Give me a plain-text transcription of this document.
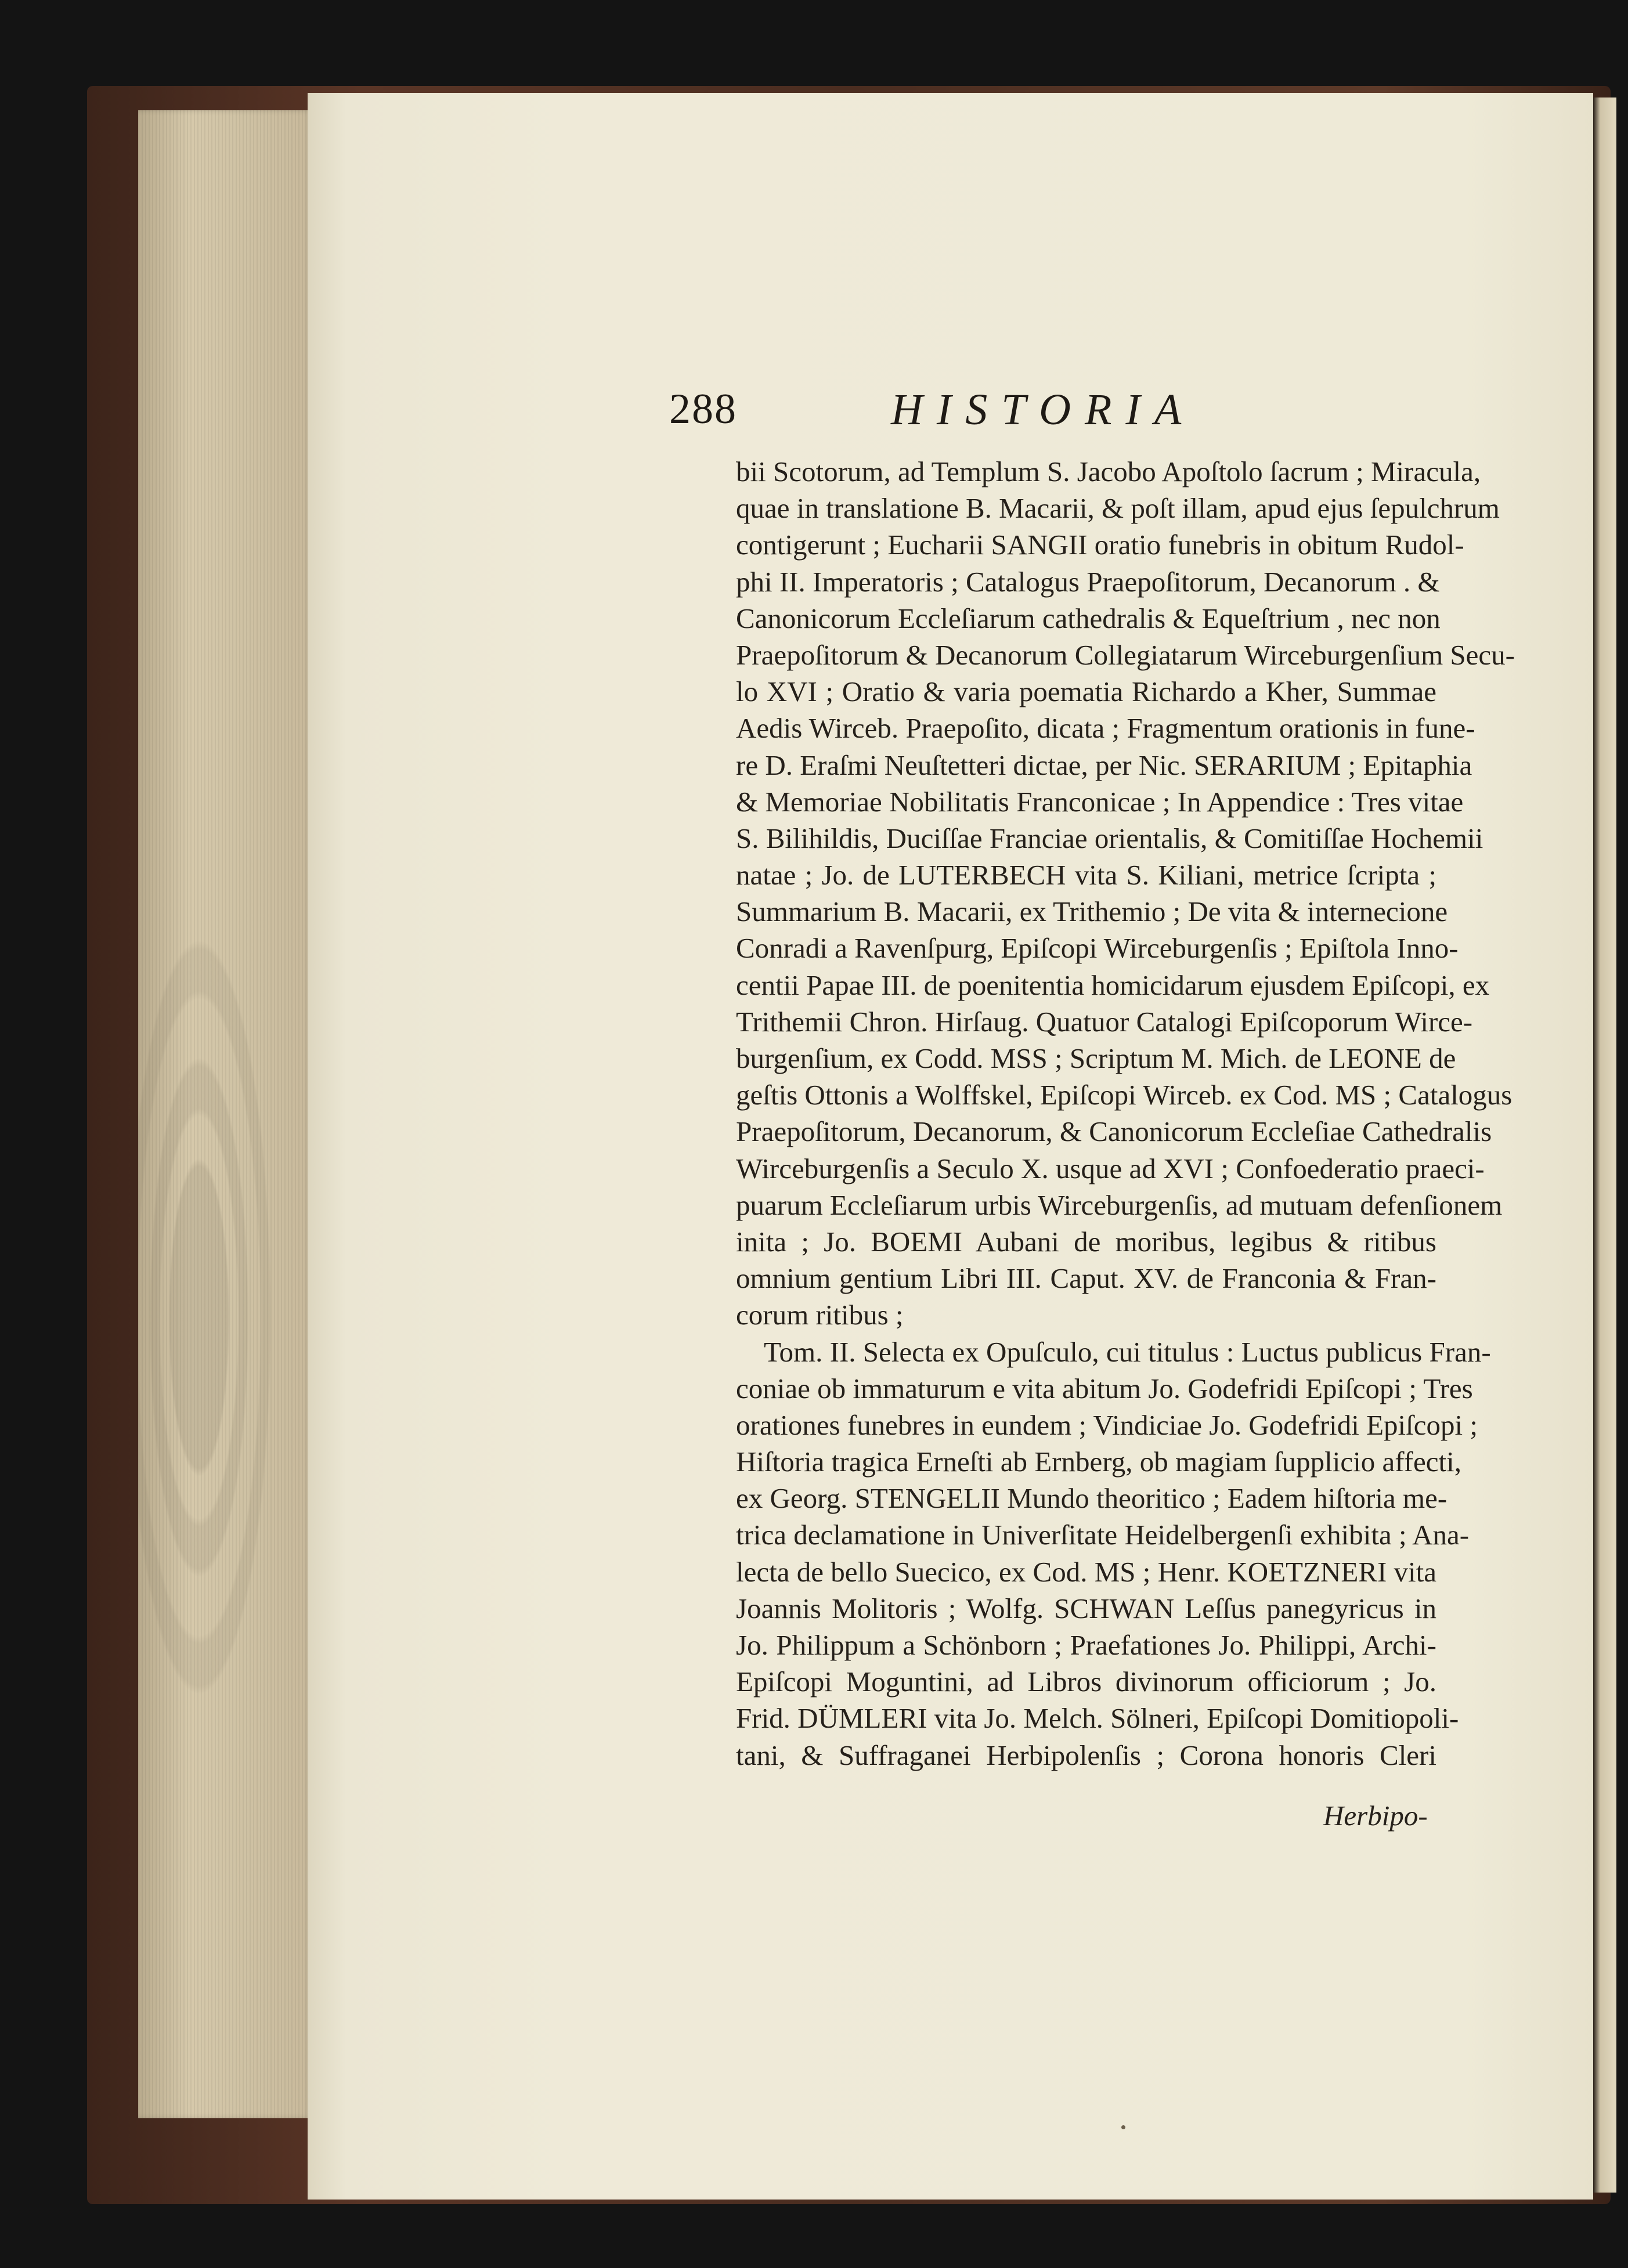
288	HISTORIA
bii Scotorum, ad Templum S. Jacobo Apoſtolo ſacrum ; Miracula,
quae in translatione B. Macarii, & poſt illam, apud ejus ſepulchrum
contigerunt ; Eucharii SANGII oratio funebris in obitum Rudol-
phi II. Imperatoris ; Catalogus Praepoſitorum, Decanorum . &
Canonicorum Eccleſiarum cathedralis & Equeſtrium , nec non
Praepoſitorum & Decanorum Collegiatarum Wirceburgenſium Secu-
lo XVI ; Oratio & varia poematia Richardo a Kher, Summae
Aedis Wirceb. Praepoſito, dicata ; Fragmentum orationis in fune-
re D. Eraſmi Neuſtetteri dictae, per Nic. SERARIUM ; Epitaphia
& Memoriae Nobilitatis Franconicae ; In Appendice : Tres vitae
S. Bilihildis, Duciſſae Franciae orientalis, & Comitiſſae Hochemii
natae ; Jo. de LUTERBECH vita S. Kiliani, metrice ſcripta ;
Summarium B. Macarii, ex Trithemio ; De vita & internecione
Conradi a Ravenſpurg, Epiſcopi Wirceburgenſis ; Epiſtola Inno-
centii Papae III. de poenitentia homicidarum ejusdem Epiſcopi, ex
Trithemii Chron. Hirſaug. Quatuor Catalogi Epiſcoporum Wirce-
burgenſium, ex Codd. MSS ; Scriptum M. Mich. de LEONE de
geſtis Ottonis a Wolffskel, Epiſcopi Wirceb. ex Cod. MS ; Catalogus
Praepoſitorum, Decanorum, & Canonicorum Eccleſiae Cathedralis
Wirceburgenſis a Seculo X. usque ad XVI ; Confoederatio praeci-
puarum Eccleſiarum urbis Wirceburgenſis, ad mutuam defenſionem
inita ; Jo. BOEMI Aubani de moribus, legibus & ritibus
omnium gentium Libri III. Caput. XV. de Franconia & Fran-
corum ritibus ;
Tom. II. Selecta ex Opuſculo, cui titulus : Luctus publicus Fran-
coniae ob immaturum e vita abitum Jo. Godefridi Epiſcopi ; Tres
orationes funebres in eundem ; Vindiciae Jo. Godefridi Epiſcopi ;
Hiſtoria tragica Erneſti ab Ernberg, ob magiam ſupplicio affecti,
ex Georg. STENGELII Mundo theoritico ; Eadem hiſtoria me-
trica declamatione in Univerſitate Heidelbergenſi exhibita ; Ana-
lecta de bello Suecico, ex Cod. MS ; Henr. KOETZNERI vita
Joannis Molitoris ; Wolfg. SCHWAN Leſſus panegyricus in
Jo. Philippum a Schönborn ; Praefationes Jo. Philippi, Archi-
Epiſcopi Moguntini, ad Libros divinorum officiorum ; Jo.
Frid. DÜMLERI vita Jo. Melch. Sölneri, Epiſcopi Domitiopoli-
tani, & Suffraganei Herbipolenſis ; Corona honoris Cleri

Herbipo-
